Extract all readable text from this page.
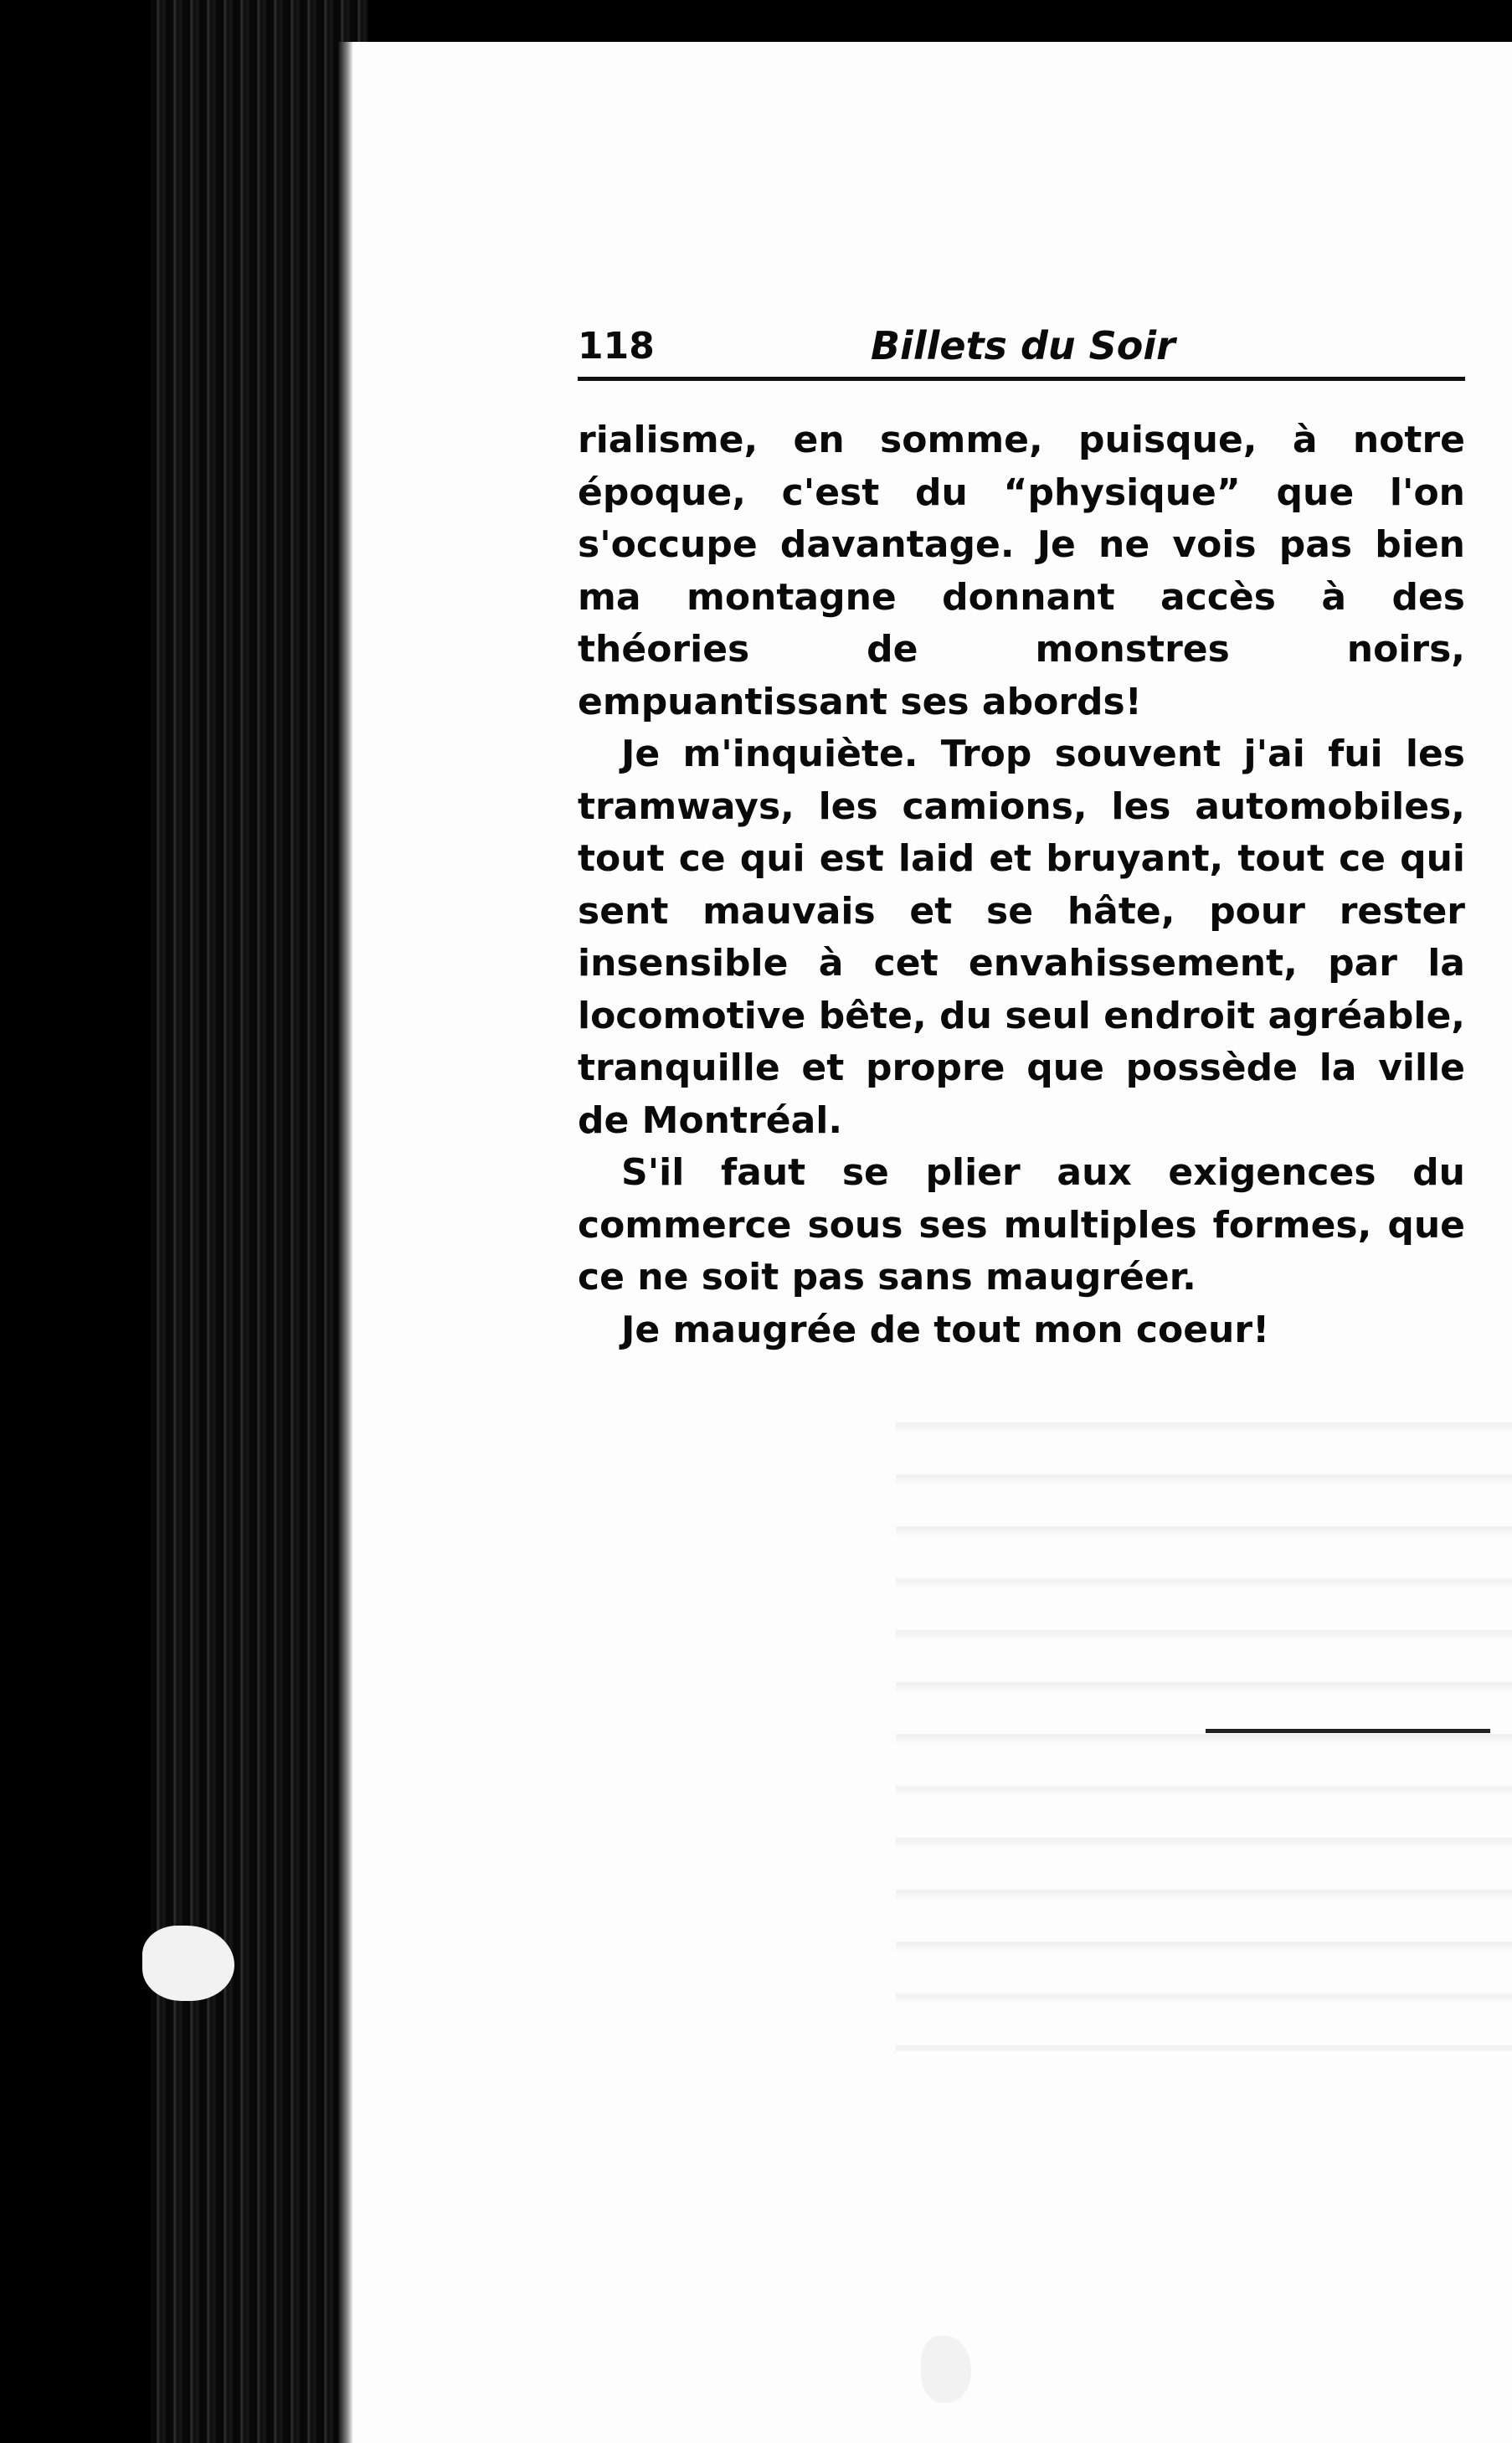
118	Billets du Soir

rialisme, en somme, puisque, à notre époque, c'est du “physique” que l'on s'occupe davantage. Je ne vois pas bien ma montagne donnant accès à des théories de monstres noirs, empuantissant ses abords!

Je m'inquiète. Trop souvent j'ai fui les tramways, les camions, les automobiles, tout ce qui est laid et bruyant, tout ce qui sent mauvais et se hâte, pour rester insensible à cet envahissement, par la locomotive bête, du seul endroit agréable, tranquille et propre que possède la ville de Montréal.

S'il faut se plier aux exigences du commerce sous ses multiples formes, que ce ne soit pas sans maugréer.

Je maugrée de tout mon coeur!
